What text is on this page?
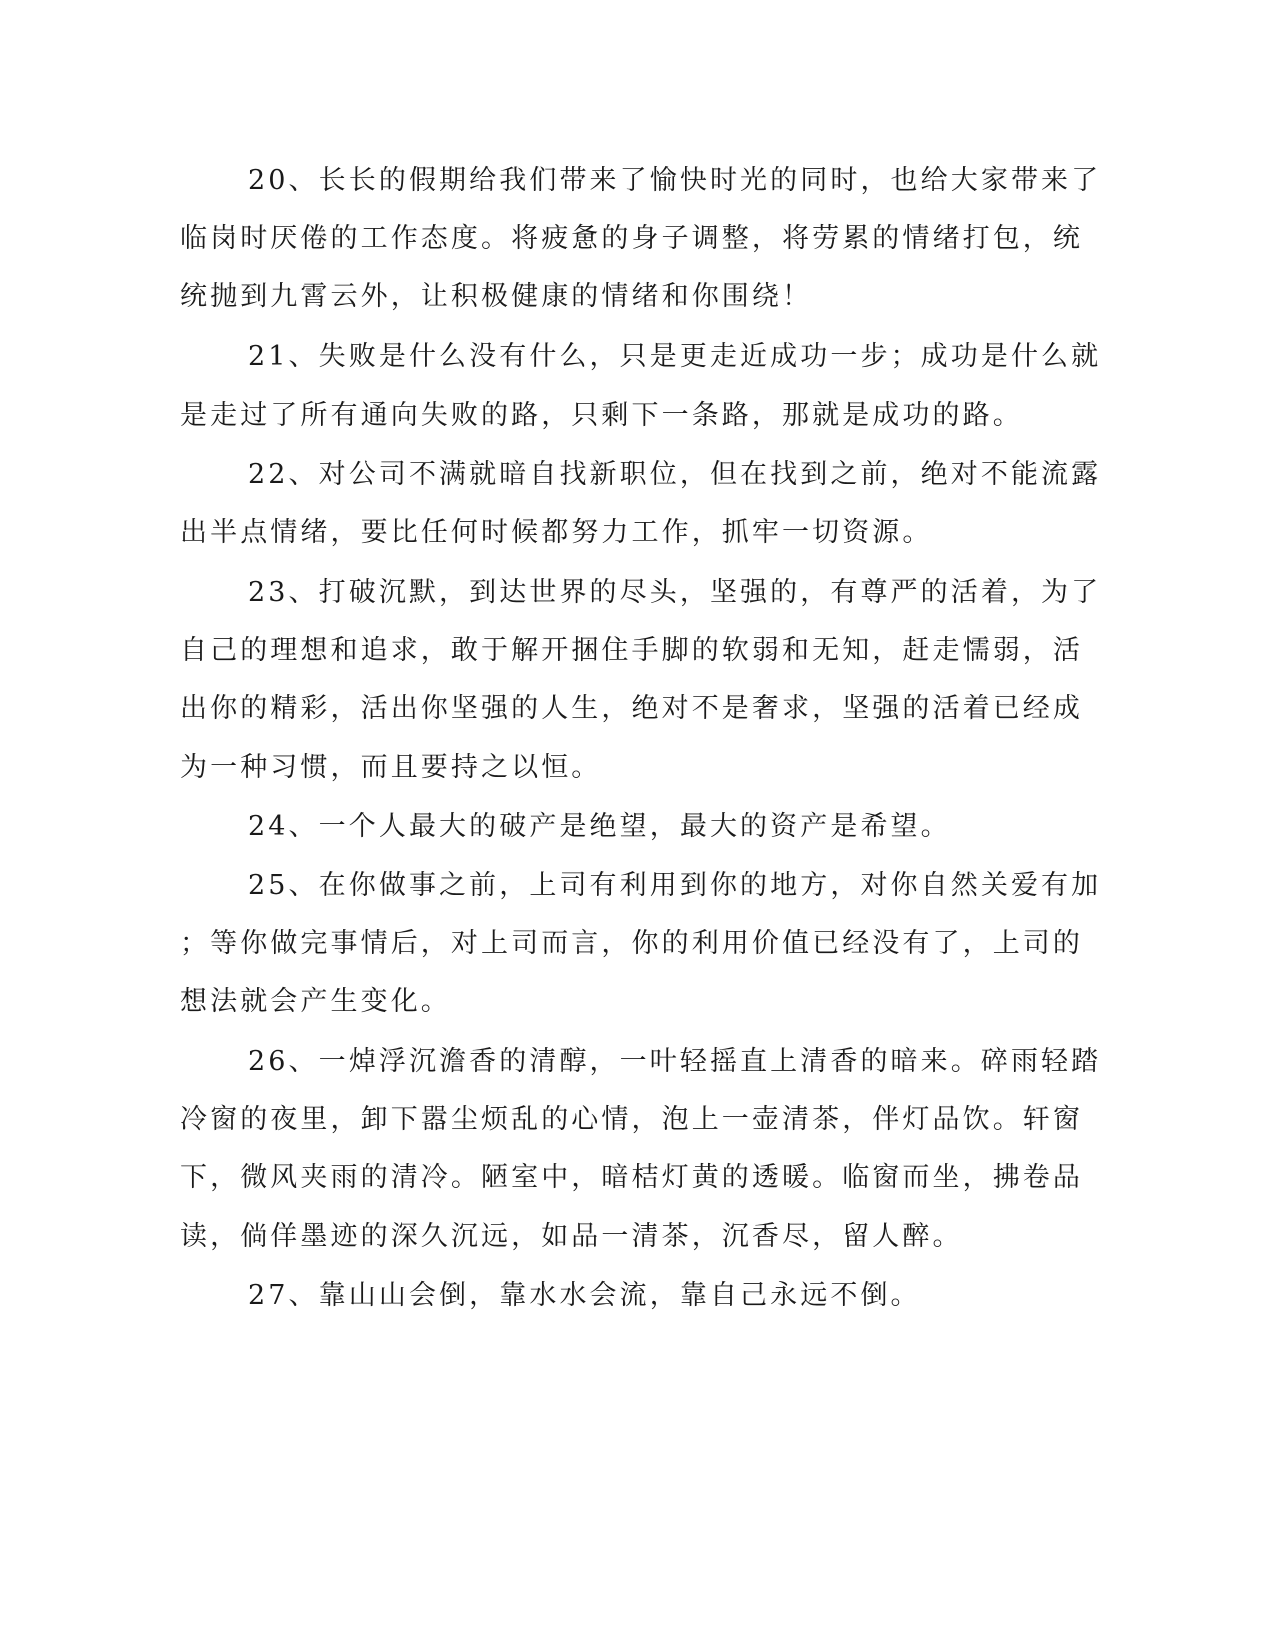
20、长长的假期给我们带来了愉快时光的同时，也给大家带来了
临岗时厌倦的工作态度。将疲惫的身子调整，将劳累的情绪打包，统
统抛到九霄云外，让积极健康的情绪和你围绕！
21、失败是什么没有什么，只是更走近成功一步；成功是什么就
是走过了所有通向失败的路，只剩下一条路，那就是成功的路。
22、对公司不满就暗自找新职位，但在找到之前，绝对不能流露
出半点情绪，要比任何时候都努力工作，抓牢一切资源。
23、打破沉默，到达世界的尽头，坚强的，有尊严的活着，为了
自己的理想和追求，敢于解开捆住手脚的软弱和无知，赶走懦弱，活
出你的精彩，活出你坚强的人生，绝对不是奢求，坚强的活着已经成
为一种习惯，而且要持之以恒。
24、一个人最大的破产是绝望，最大的资产是希望。
25、在你做事之前，上司有利用到你的地方，对你自然关爱有加
；等你做完事情后，对上司而言，你的利用价值已经没有了，上司的
想法就会产生变化。
26、一焯浮沉澹香的清醇，一叶轻摇直上清香的暗来。碎雨轻踏
冷窗的夜里，卸下嚣尘烦乱的心情，泡上一壶清茶，伴灯品饮。轩窗
下，微风夹雨的清冷。陋室中，暗桔灯黄的透暖。临窗而坐，拂卷品
读，倘佯墨迹的深久沉远，如品一清茶，沉香尽，留人醉。
27、靠山山会倒，靠水水会流，靠自己永远不倒。
